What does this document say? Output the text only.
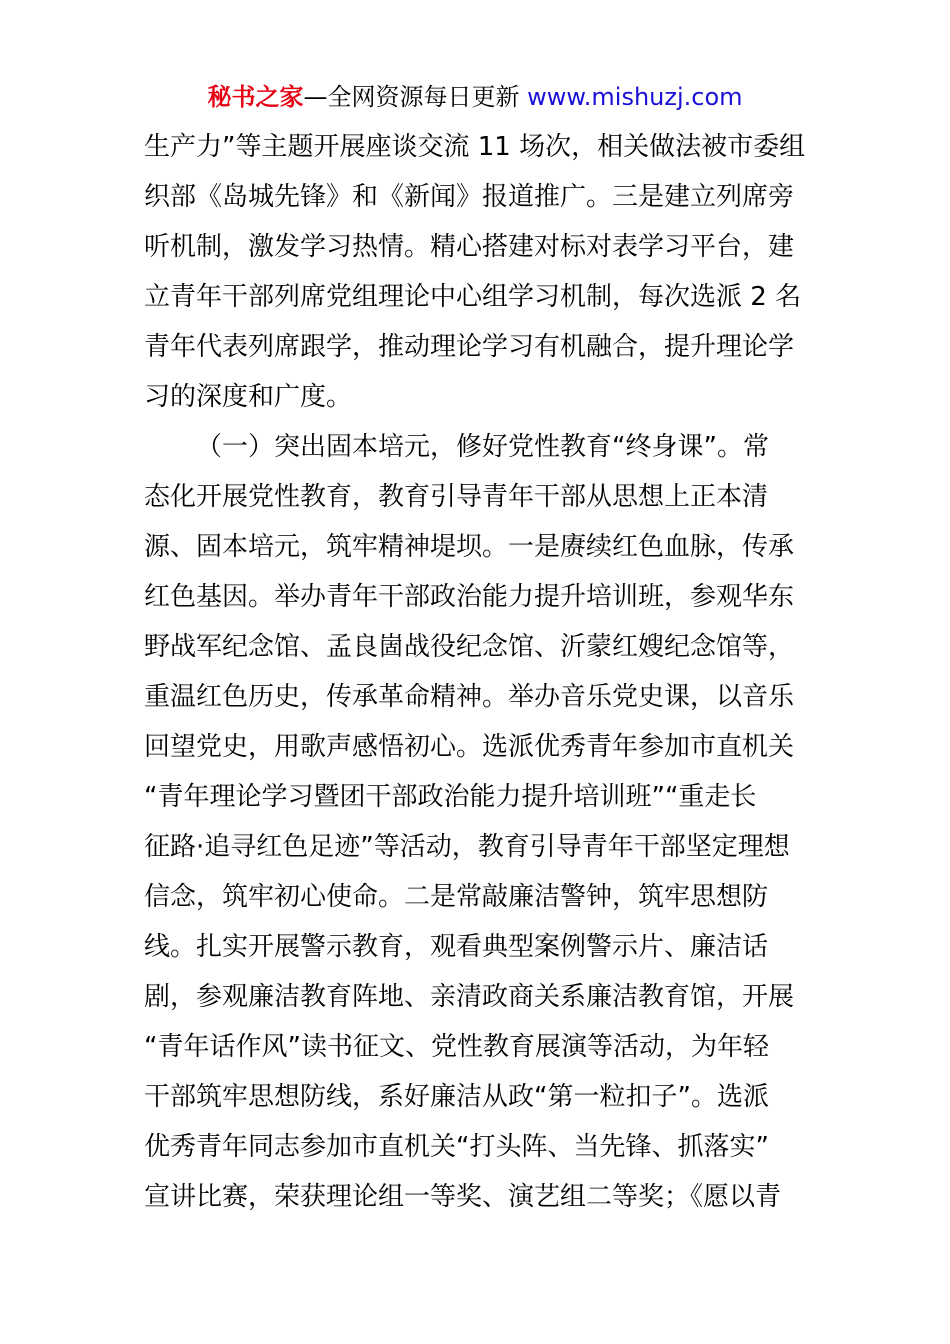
秘书之家—全网资源每日更新 www.mishuzj.com
生产力”等主题开展座谈交流 11 场次，相关做法被市委组
织部《岛城先锋》和《新闻》报道推广。三是建立列席旁
听机制，激发学习热情。精心搭建对标对表学习平台，建
立青年干部列席党组理论中心组学习机制，每次选派 2 名
青年代表列席跟学，推动理论学习有机融合，提升理论学
习的深度和广度。
（一）突出固本培元，修好党性教育“终身课”。常
态化开展党性教育，教育引导青年干部从思想上正本清
源、固本培元，筑牢精神堤坝。一是赓续红色血脉，传承
红色基因。举办青年干部政治能力提升培训班，参观华东
野战军纪念馆、孟良崮战役纪念馆、沂蒙红嫂纪念馆等，
重温红色历史，传承革命精神。举办音乐党史课，以音乐
回望党史，用歌声感悟初心。选派优秀青年参加市直机关
“青年理论学习暨团干部政治能力提升培训班”“重走长
征路·追寻红色足迹”等活动，教育引导青年干部坚定理想
信念，筑牢初心使命。二是常敲廉洁警钟，筑牢思想防
线。扎实开展警示教育，观看典型案例警示片、廉洁话
剧，参观廉洁教育阵地、亲清政商关系廉洁教育馆，开展
“青年话作风”读书征文、党性教育展演等活动，为年轻
干部筑牢思想防线，系好廉洁从政“第一粒扣子”。选派
优秀青年同志参加市直机关“打头阵、当先锋、抓落实”
宣讲比赛，荣获理论组一等奖、演艺组二等奖；《愿以青
